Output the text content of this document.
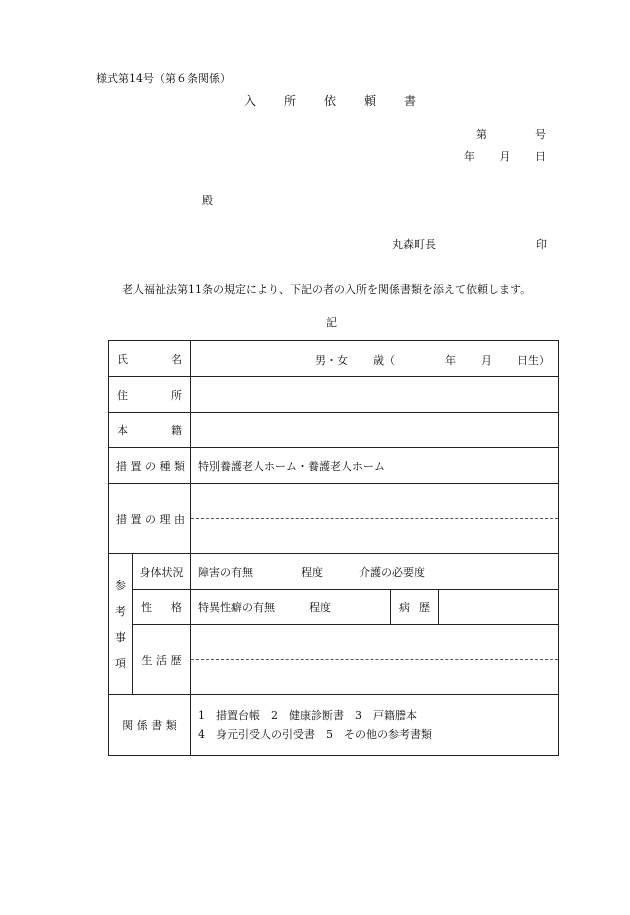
様式第14号（第６条関係）
入 所 依 頼 書
第	号
年 月 日
殿
丸森町長	印
老人福祉法第11条の規定により、下記の者の入所を関係書類を添えて依頼します。
記
氏 名		男・女 歳（ 年 月 日生）		

住 所				

本 籍				

措 置 の 種 類		特別養護老人ホーム・養護老人ホーム		
措 置 の 理 由				

参
考
事
項	身体状況	障害の有無 程度 介護の必要度		

	性 格	特異性癖の有無 程度	病 歴	

	生 活 歴			

関 係 書 類		1　措置台帳　2　健康診断書　3　戸籍謄本
4　身元引受人の引受書　5　その他の参考書類		
